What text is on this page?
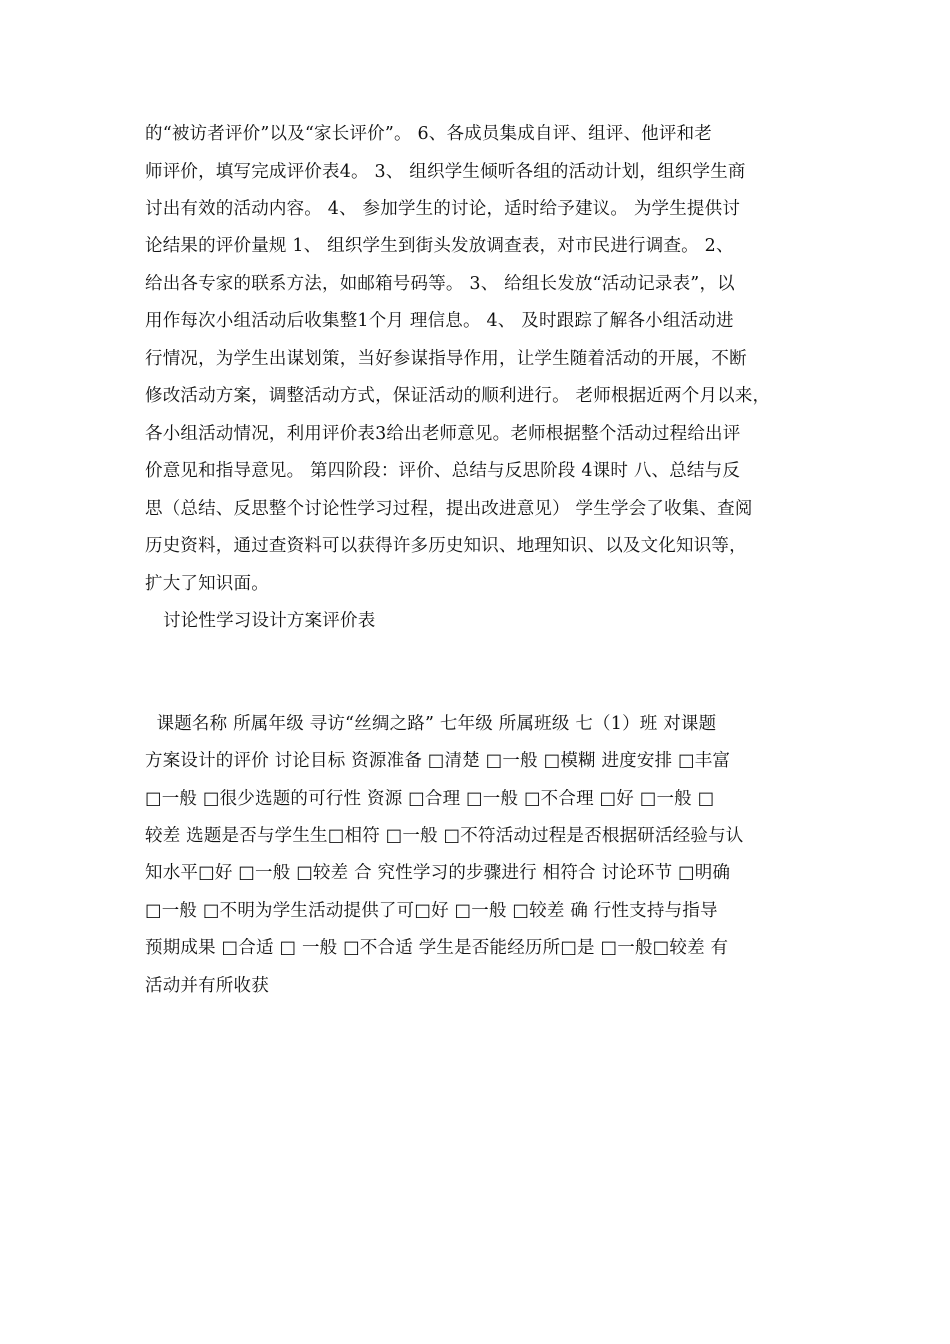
的“被访者评价”以及“家长评价”。 6、各成员集成自评、组评、他评和老
师评价，填写完成评价表4。 3、 组织学生倾听各组的活动计划，组织学生商
讨出有效的活动内容。 4、 参加学生的讨论，适时给予建议。 为学生提供讨
论结果的评价量规 1、 组织学生到街头发放调查表，对市民进行调查。 2、
给出各专家的联系方法，如邮箱号码等。 3、 给组长发放“活动记录表”，以
用作每次小组活动后收集整1个月 理信息。 4、 及时跟踪了解各小组活动进
行情况，为学生出谋划策，当好参谋指导作用，让学生随着活动的开展，不断
修改活动方案，调整活动方式，保证活动的顺利进行。 老师根据近两个月以来，
各小组活动情况，利用评价表3给出老师意见。老师根据整个活动过程给出评
价意见和指导意见。 第四阶段：评价、总结与反思阶段 4课时 八、总结与反
思（总结、反思整个讨论性学习过程，提出改进意见） 学生学会了收集、查阅
历史资料，通过查资料可以获得许多历史知识、地理知识、以及文化知识等，
扩大了知识面。
讨论性学习设计方案评价表
课题名称 所属年级 寻访“丝绸之路” 七年级 所属班级 七（1）班 对课题
方案设计的评价 讨论目标 资源准备 □清楚 □一般 □模糊 进度安排 □丰富
□一般 □很少选题的可行性 资源 □合理 □一般 □不合理 □好 □一般 □
较差 选题是否与学生生□相符 □一般 □不符活动过程是否根据研活经验与认
知水平□好 □一般 □较差 合 究性学习的步骤进行 相符合 讨论环节 □明确
□一般 □不明为学生活动提供了可□好 □一般 □较差 确 行性支持与指导
预期成果 □合适 □ 一般 □不合适 学生是否能经历所□是 □一般□较差 有
活动并有所收获
